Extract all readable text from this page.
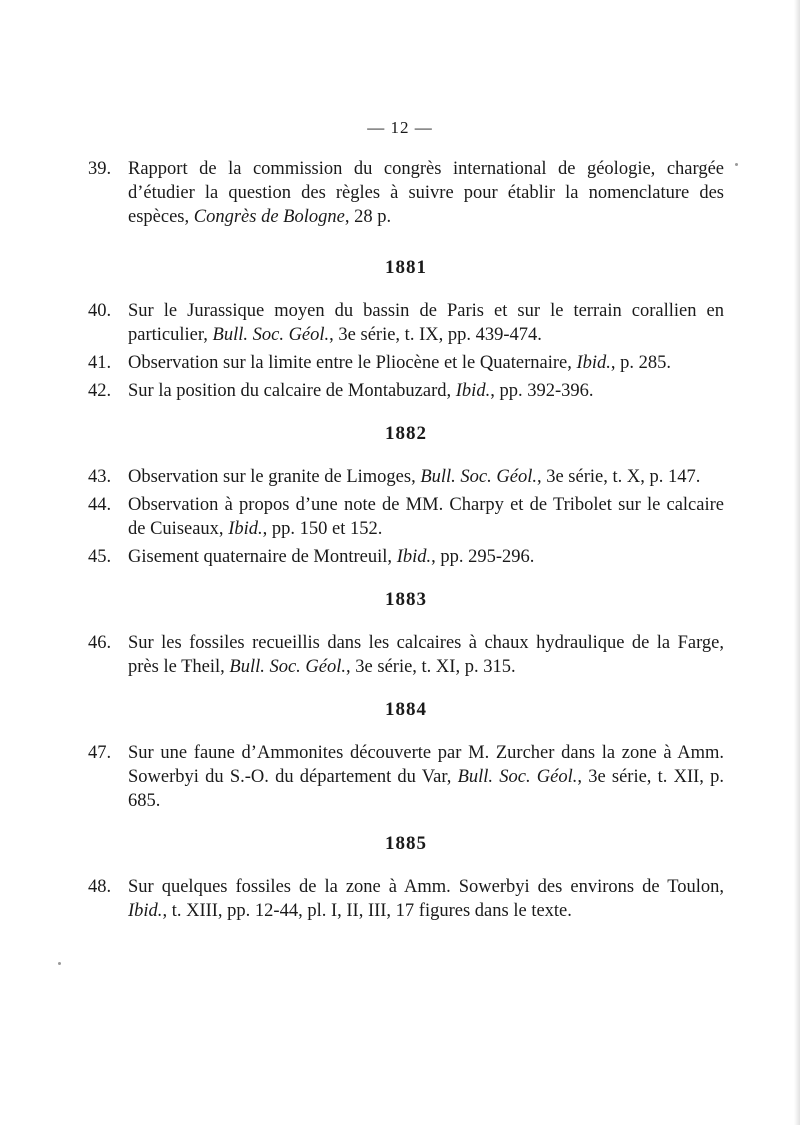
— 12 —
39. Rapport de la commission du congrès international de géologie, chargée d’étudier la question des règles à suivre pour établir la nomenclature des espèces, Congrès de Bologne, 28 p.
1881
40. Sur le Jurassique moyen du bassin de Paris et sur le terrain corallien en particulier, Bull. Soc. Géol., 3e série, t. IX, pp. 439-474.
41. Observation sur la limite entre le Pliocène et le Quaternaire, Ibid., p. 285.
42. Sur la position du calcaire de Montabuzard, Ibid., pp. 392-396.
1882
43. Observation sur le granite de Limoges, Bull. Soc. Géol., 3e série, t. X, p. 147.
44. Observation à propos d’une note de MM. Charpy et de Tribolet sur le calcaire de Cuiseaux, Ibid., pp. 150 et 152.
45. Gisement quaternaire de Montreuil, Ibid., pp. 295-296.
1883
46. Sur les fossiles recueillis dans les calcaires à chaux hydraulique de la Farge, près le Theil, Bull. Soc. Géol., 3e série, t. XI, p. 315.
1884
47. Sur une faune d’Ammonites découverte par M. Zurcher dans la zone à Amm. Sowerbyi du S.-O. du département du Var, Bull. Soc. Géol., 3e série, t. XII, p. 685.
1885
48. Sur quelques fossiles de la zone à Amm. Sowerbyi des environs de Toulon, Ibid., t. XIII, pp. 12-44, pl. I, II, III, 17 figures dans le texte.
